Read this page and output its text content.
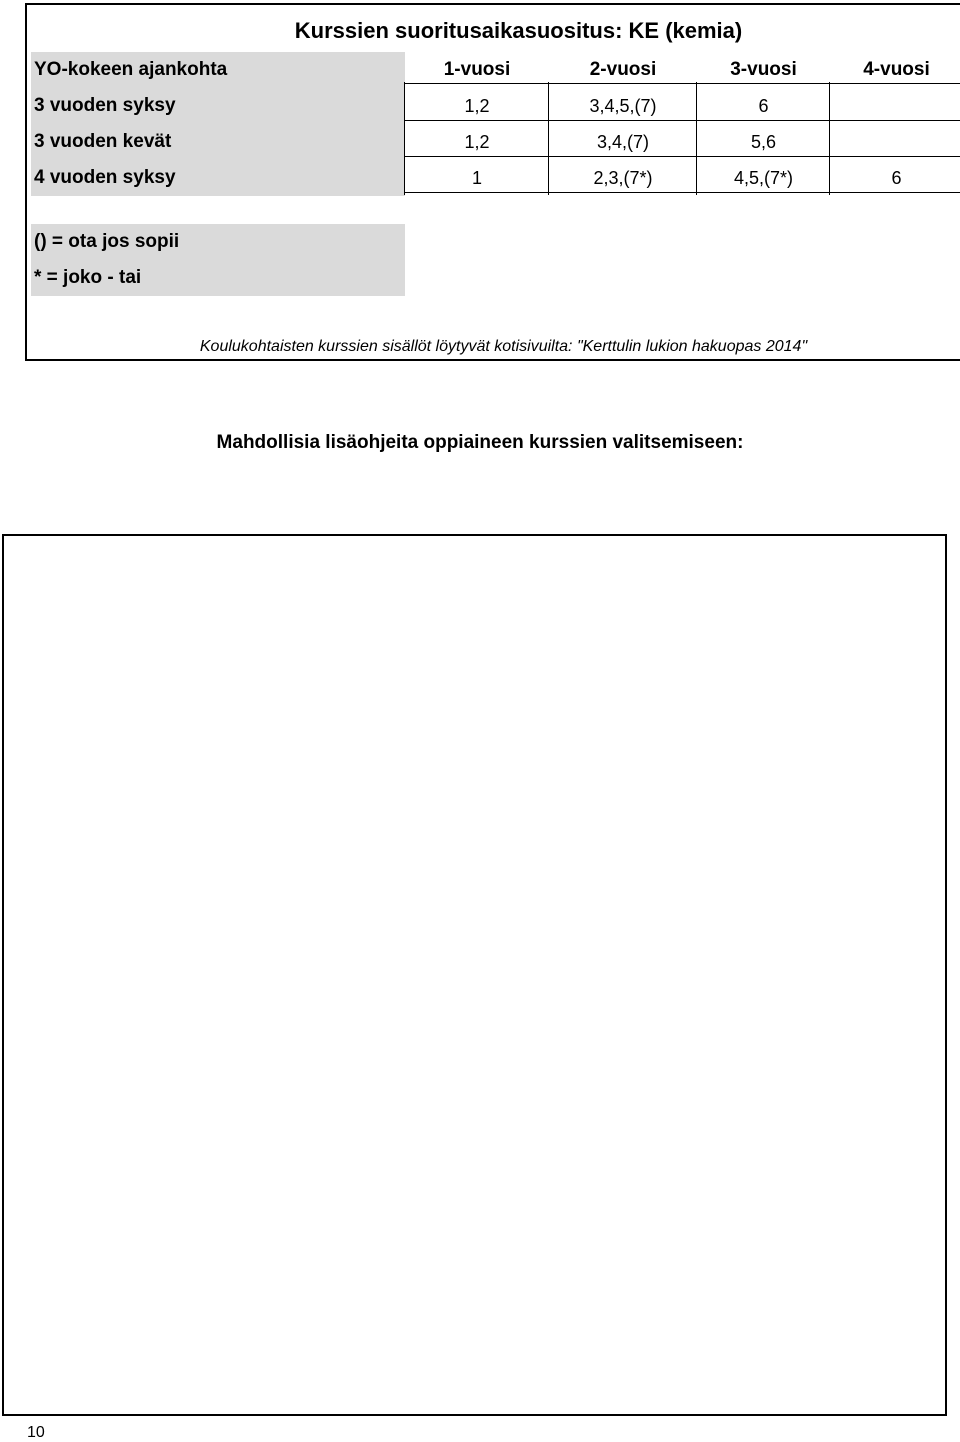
Kurssien suoritusaikasuositus: KE (kemia)
YO-kokeen ajankohta	1-vuosi	2-vuosi	3-vuosi	4-vuosi
3 vuoden syksy	1,2	3,4,5,(7)	6
3 vuoden kevät	1,2	3,4,(7)	5,6
4 vuoden syksy	1	2,3,(7*)	4,5,(7*)	6
() = ota jos sopii
* = joko - tai
Koulukohtaisten kurssien sisällöt löytyvät kotisivuilta: "Kerttulin lukion hakuopas 2014"
Mahdollisia lisäohjeita oppiaineen kurssien valitsemiseen:
10
